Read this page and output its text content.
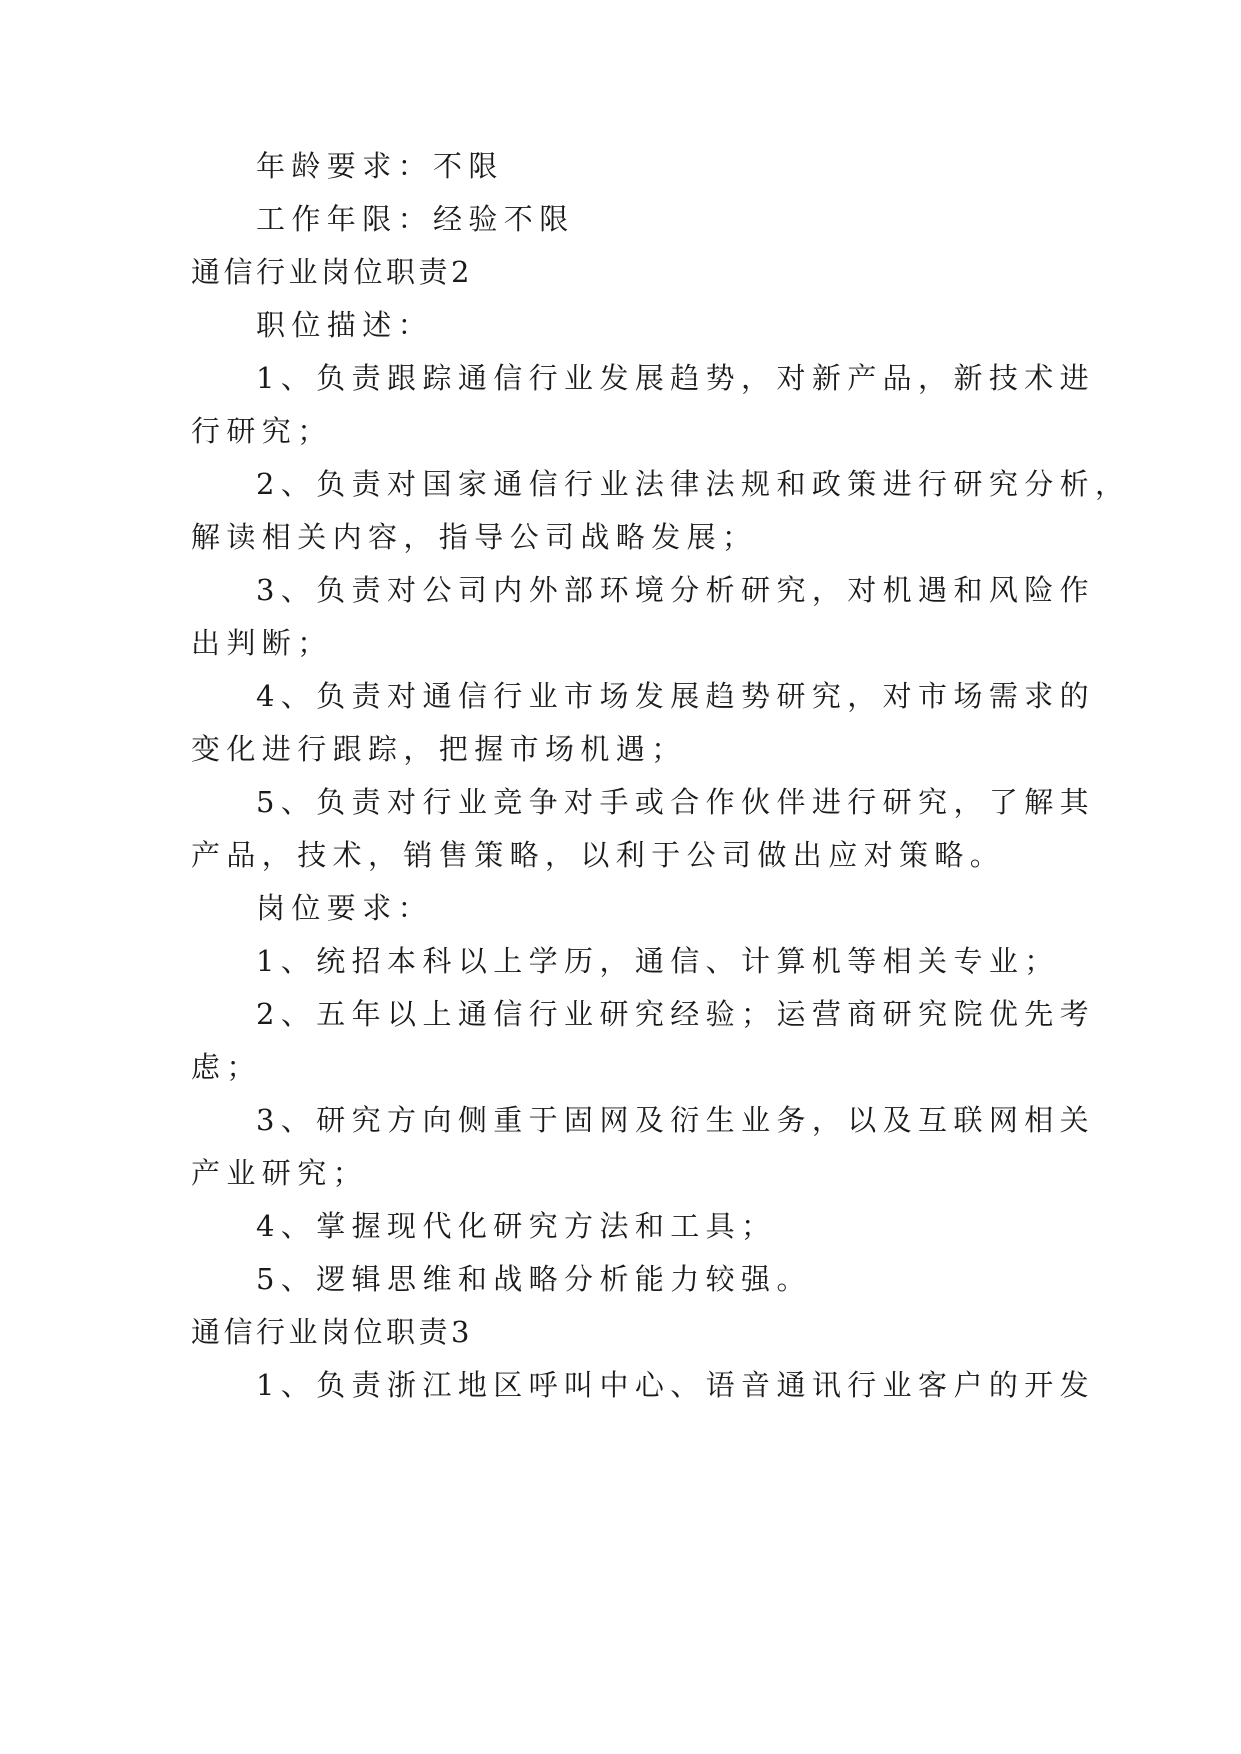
年龄要求：不限
工作年限：经验不限
通信行业岗位职责2
职位描述：
1、负责跟踪通信行业发展趋势，对新产品，新技术进
行研究；
2、负责对国家通信行业法律法规和政策进行研究分析，
解读相关内容，指导公司战略发展；
3、负责对公司内外部环境分析研究，对机遇和风险作
出判断；
4、负责对通信行业市场发展趋势研究，对市场需求的
变化进行跟踪，把握市场机遇；
5、负责对行业竞争对手或合作伙伴进行研究，了解其
产品，技术，销售策略，以利于公司做出应对策略。
岗位要求：
1、统招本科以上学历，通信、计算机等相关专业；
2、五年以上通信行业研究经验；运营商研究院优先考
虑；
3、研究方向侧重于固网及衍生业务，以及互联网相关
产业研究；
4、掌握现代化研究方法和工具；
5、逻辑思维和战略分析能力较强。
通信行业岗位职责3
1、负责浙江地区呼叫中心、语音通讯行业客户的开发
